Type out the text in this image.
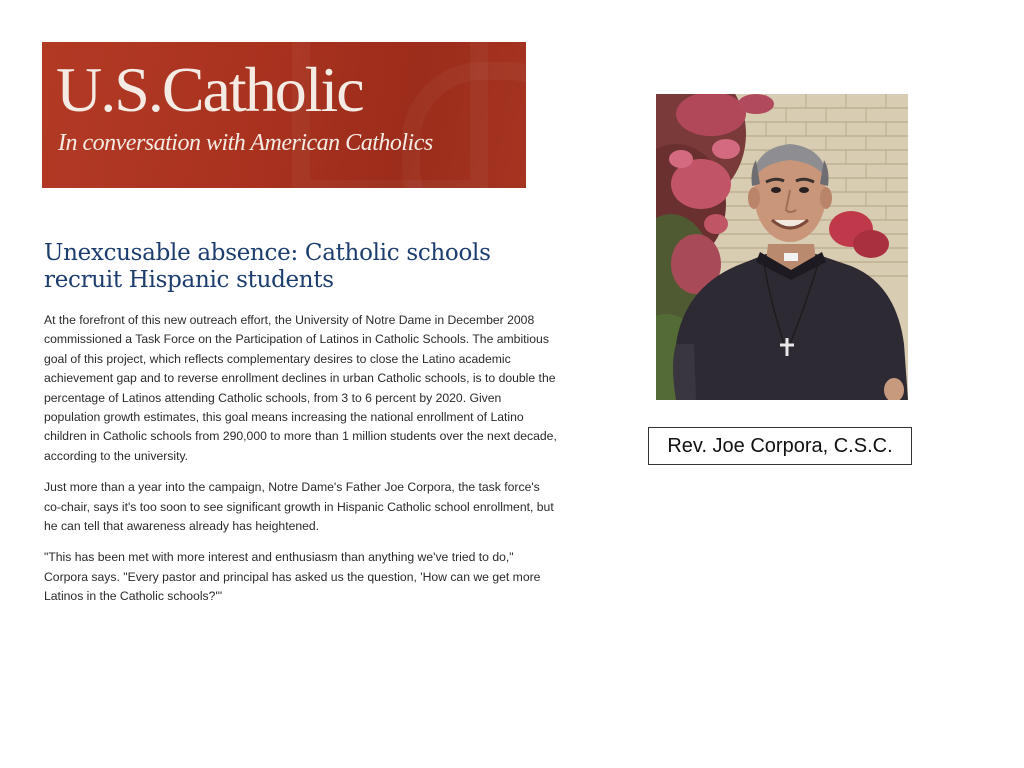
U.S.Catholic
In conversation with American Catholics
Unexcusable absence: Catholic schools recruit Hispanic students

At the forefront of this new outreach effort, the University of Notre Dame in December 2008 commissioned a Task Force on the Participation of Latinos in Catholic Schools. The ambitious goal of this project, which reflects complementary desires to close the Latino academic achievement gap and to reverse enrollment declines in urban Catholic schools, is to double the percentage of Latinos attending Catholic schools, from 3 to 6 percent by 2020. Given population growth estimates, this goal means increasing the national enrollment of Latino children in Catholic schools from 290,000 to more than 1 million students over the next decade, according to the university.

Just more than a year into the campaign, Notre Dame's Father Joe Corpora, the task force's co-chair, says it's too soon to see significant growth in Hispanic Catholic school enrollment, but he can tell that awareness already has heightened.

"This has been met with more interest and enthusiasm than anything we've tried to do," Corpora says. "Every pastor and principal has asked us the question, 'How can we get more Latinos in the Catholic schools?'"

Rev. Joe Corpora, C.S.C.
